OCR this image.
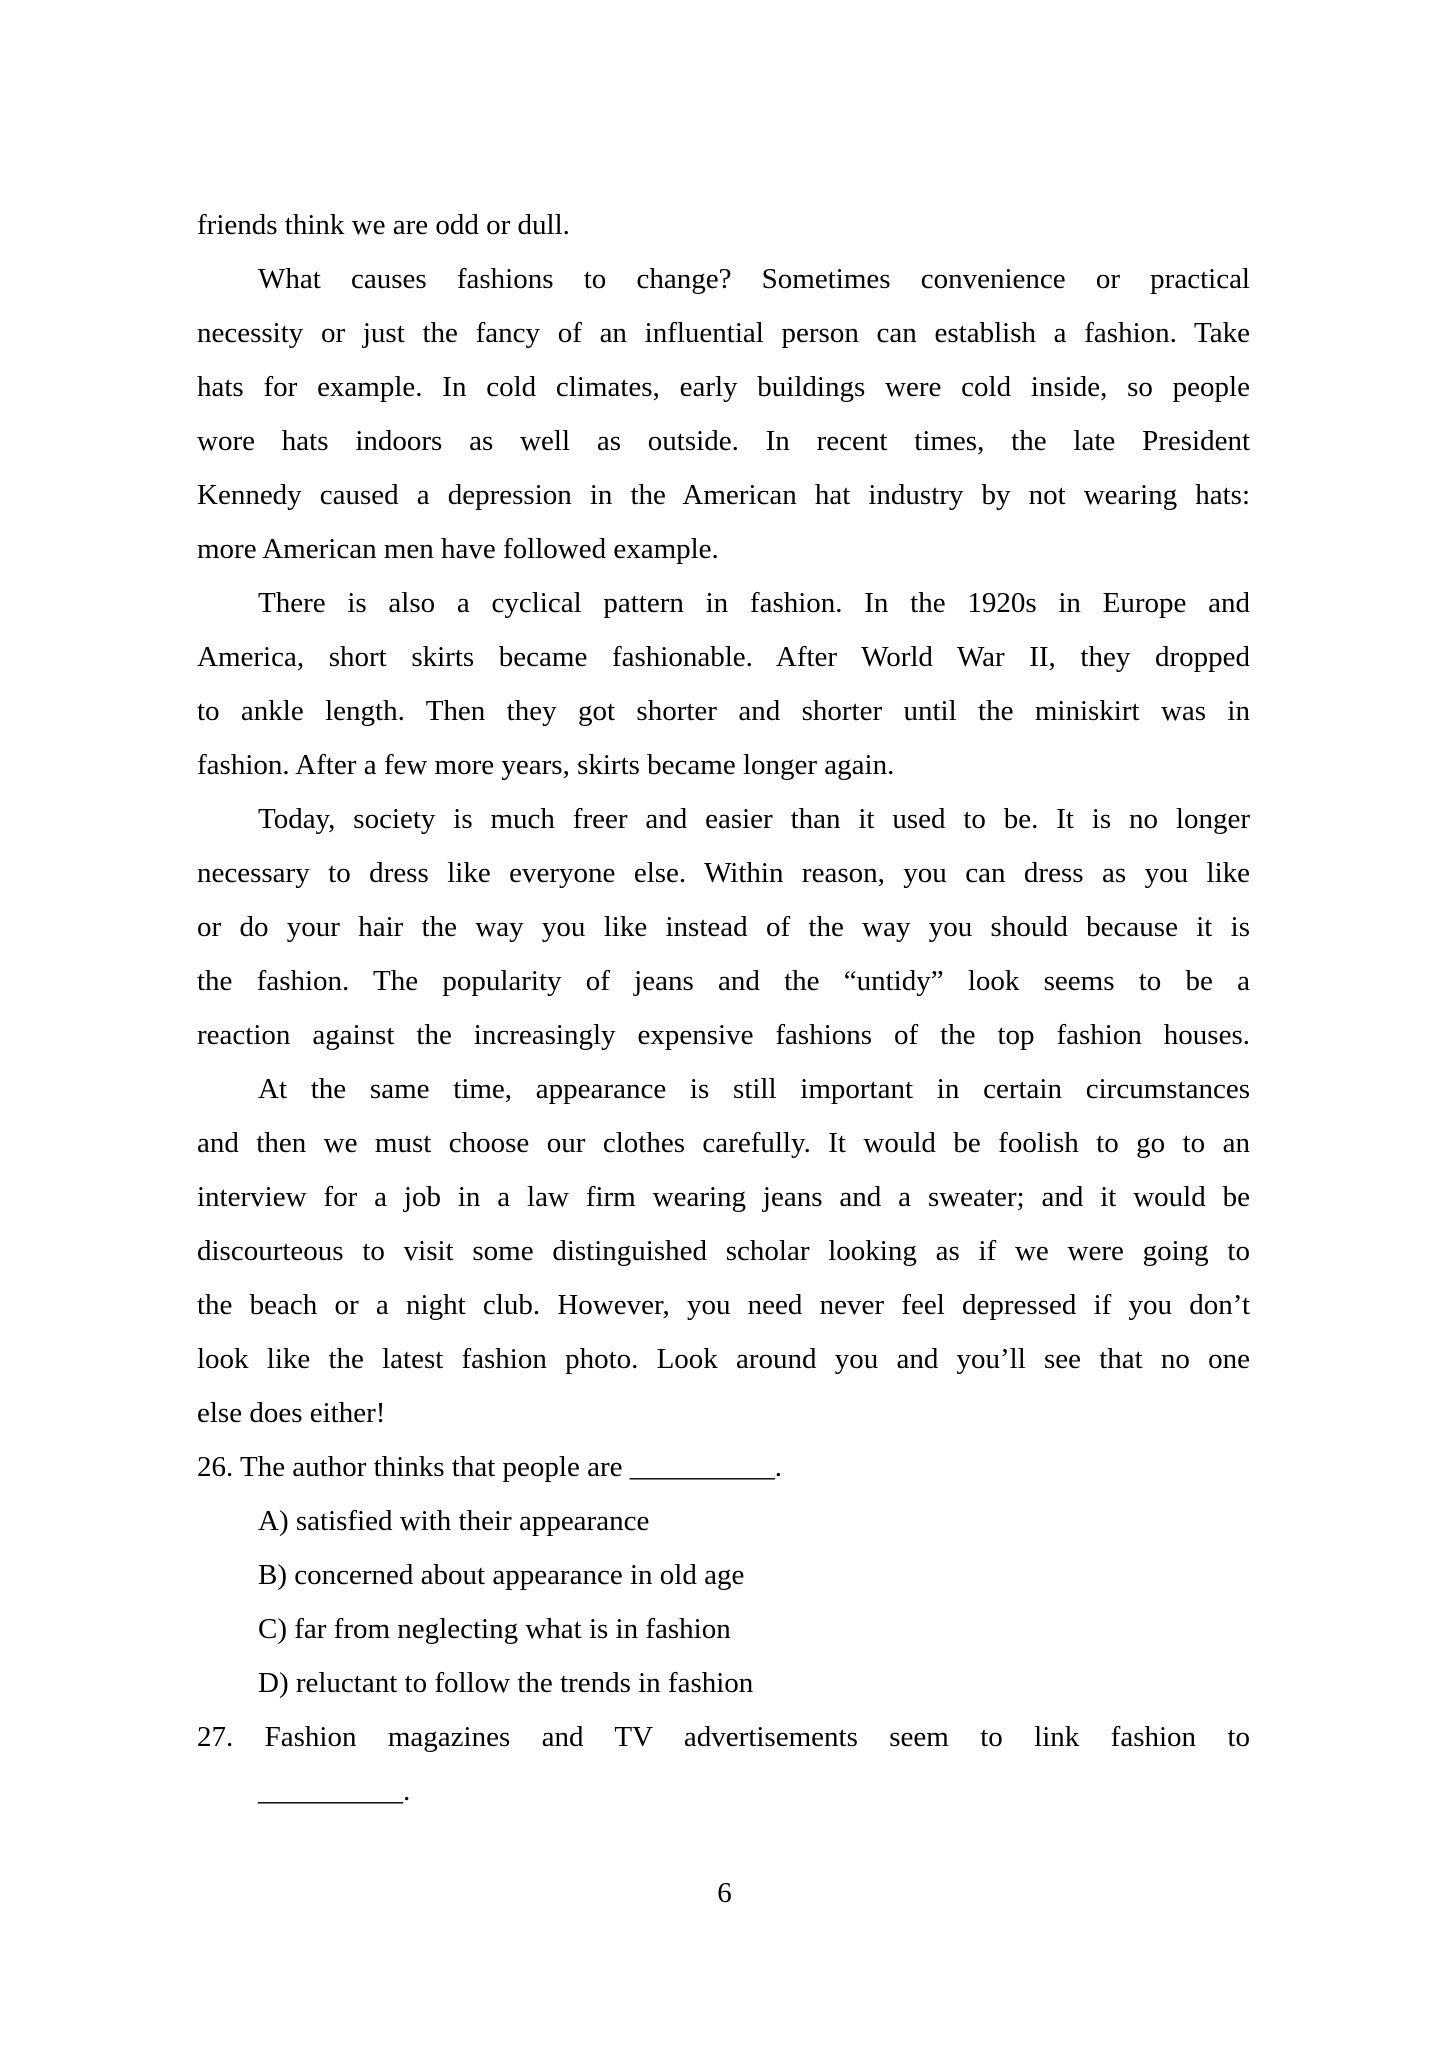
friends think we are odd or dull.
What causes fashions to change? Sometimes convenience or practical
necessity or just the fancy of an influential person can establish a fashion. Take
hats for example. In cold climates, early buildings were cold inside, so people
wore hats indoors as well as outside. In recent times, the late President
Kennedy caused a depression in the American hat industry by not wearing hats:
more American men have followed example.
There is also a cyclical pattern in fashion. In the 1920s in Europe and
America, short skirts became fashionable. After World War II, they dropped
to ankle length. Then they got shorter and shorter until the miniskirt was in
fashion. After a few more years, skirts became longer again.
Today, society is much freer and easier than it used to be. It is no longer
necessary to dress like everyone else. Within reason, you can dress as you like
or do your hair the way you like instead of the way you should because it is
the fashion. The popularity of jeans and the “untidy” look seems to be a
reaction against the increasingly expensive fashions of the top fashion houses.
At the same time, appearance is still important in certain circumstances
and then we must choose our clothes carefully. It would be foolish to go to an
interview for a job in a law firm wearing jeans and a sweater; and it would be
discourteous to visit some distinguished scholar looking as if we were going to
the beach or a night club. However, you need never feel depressed if you don’t
look like the latest fashion photo. Look around you and you’ll see that no one
else does either!
26. The author thinks that people are __________.
A) satisfied with their appearance
B) concerned about appearance in old age
C) far from neglecting what is in fashion
D) reluctant to follow the trends in fashion
27. Fashion magazines and TV advertisements seem to link fashion to
__________.
6
